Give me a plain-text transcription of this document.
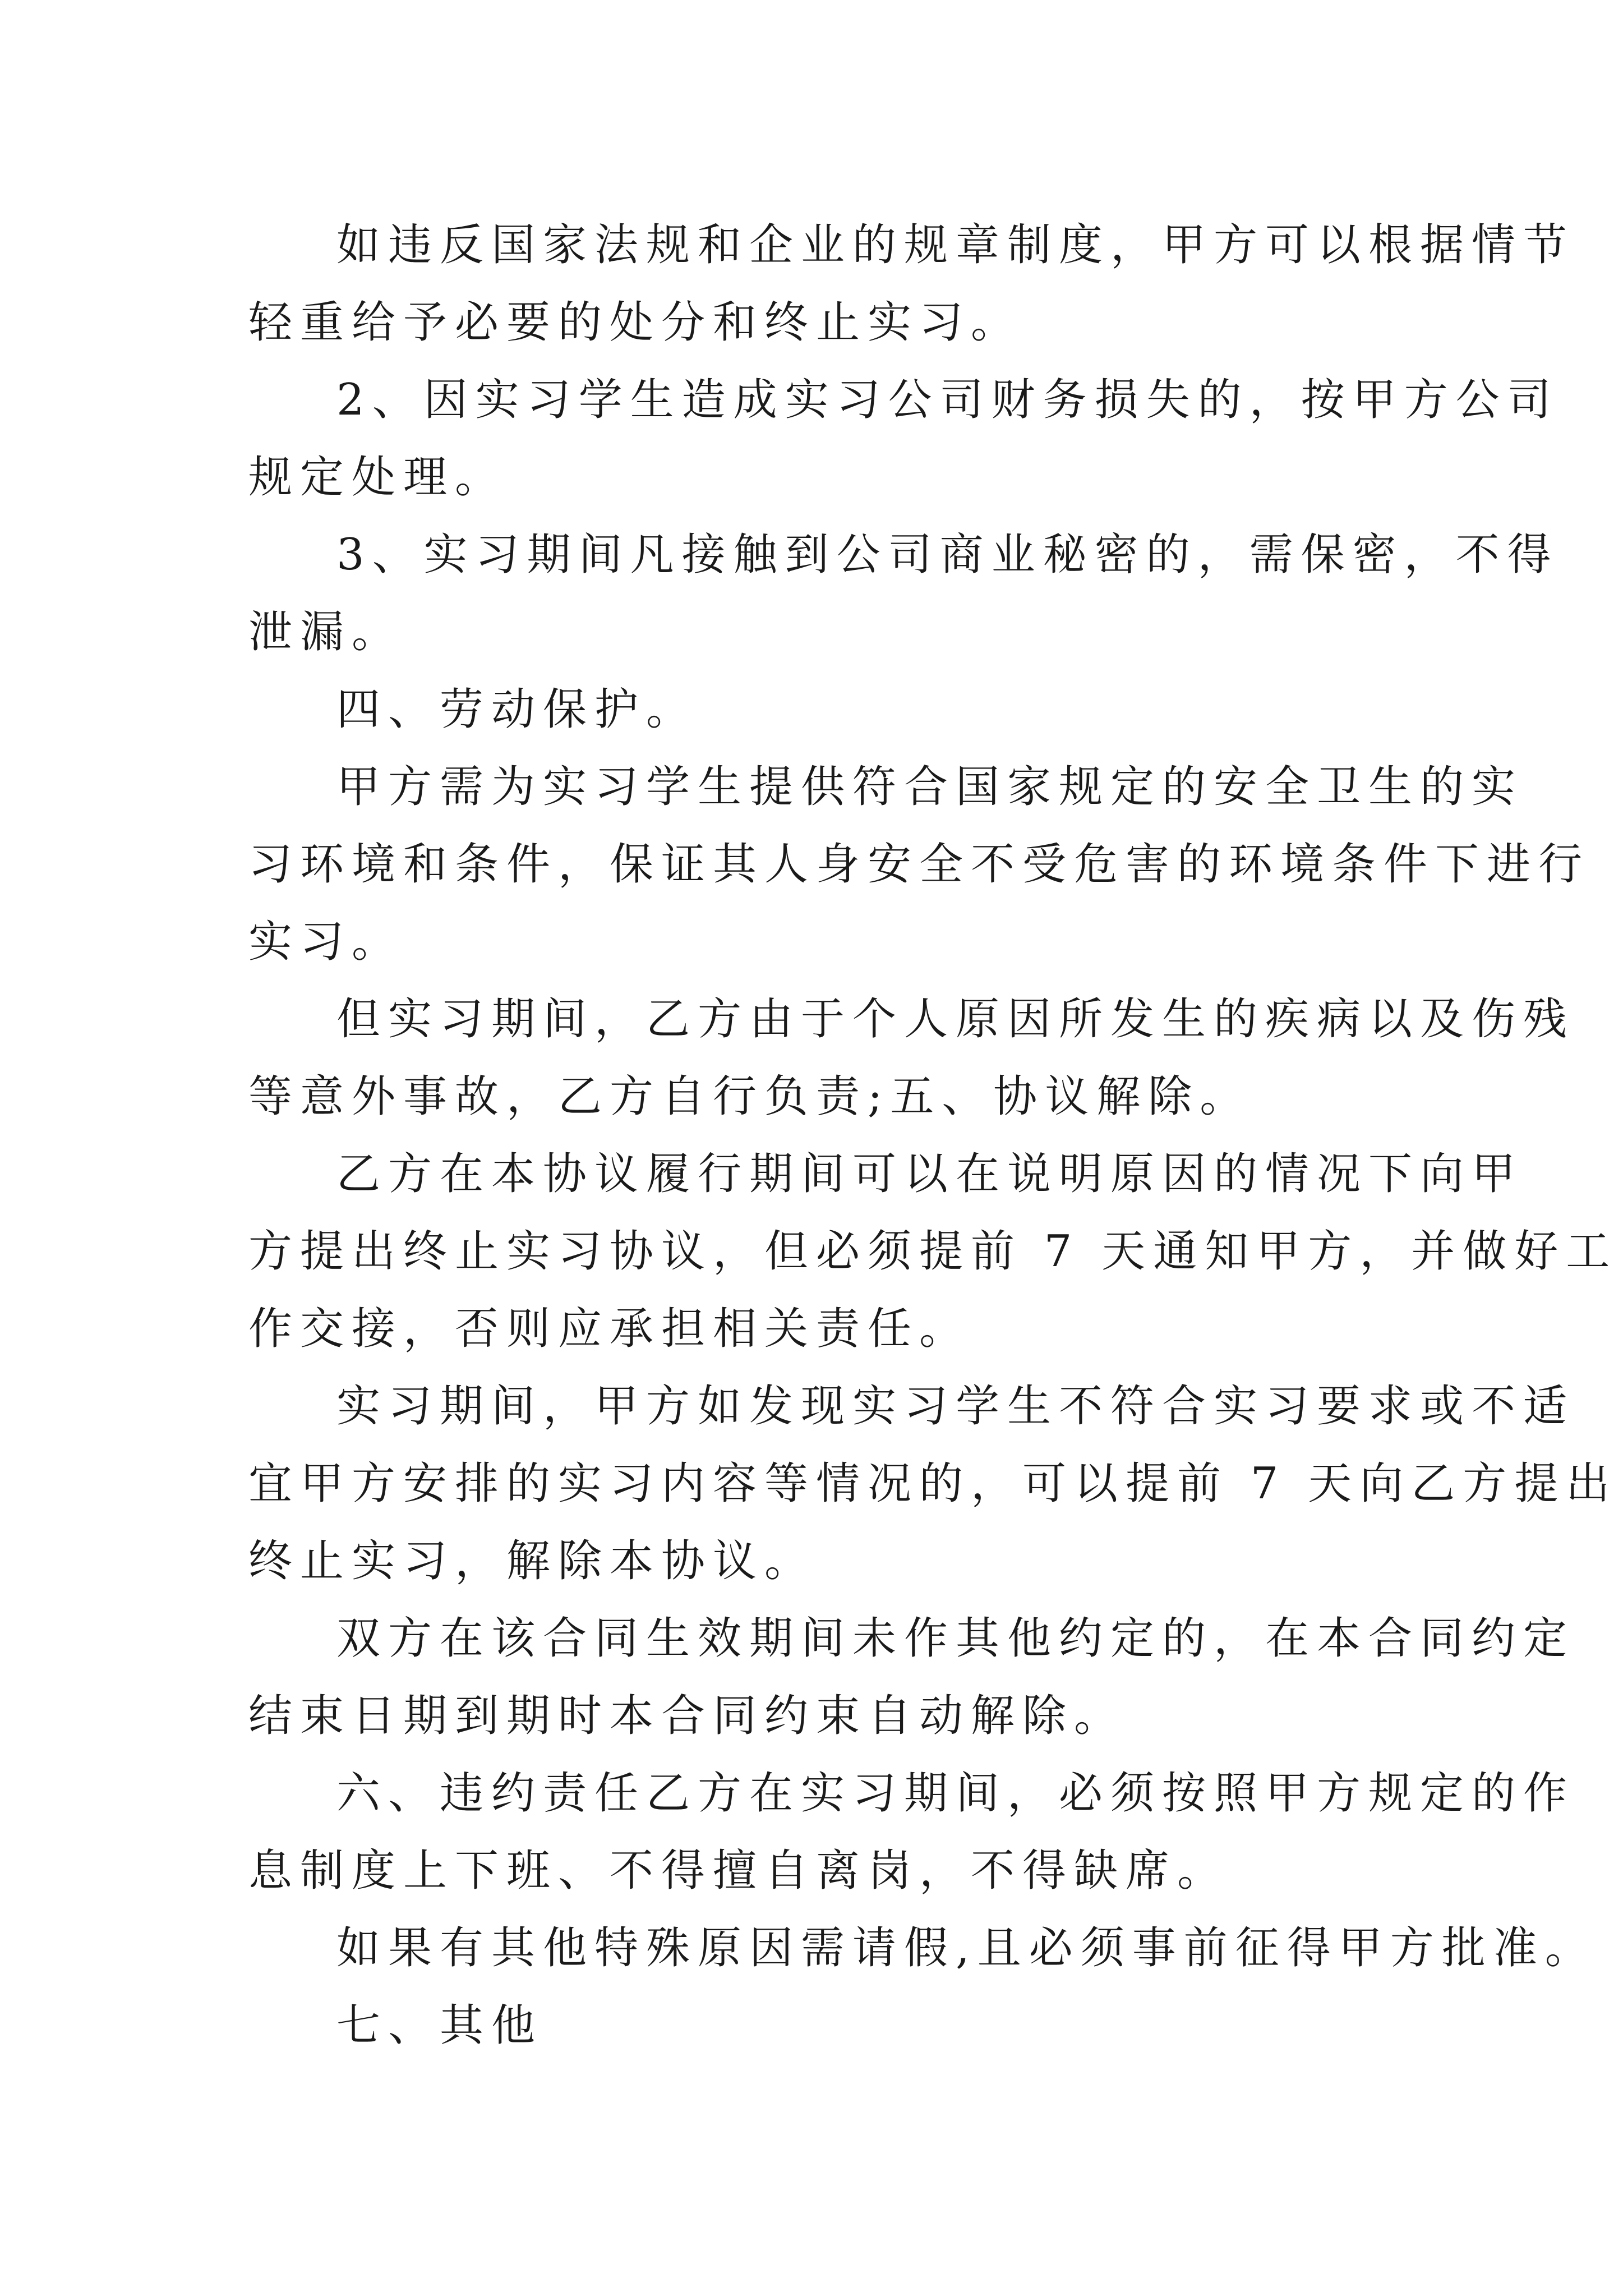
如违反国家法规和企业的规章制度，甲方可以根据情节

轻重给予必要的处分和终止实习。

2、因实习学生造成实习公司财务损失的，按甲方公司

规定处理。

3、实习期间凡接触到公司商业秘密的，需保密，不得

泄漏。

四、劳动保护。

甲方需为实习学生提供符合国家规定的安全卫生的实

习环境和条件，保证其人身安全不受危害的环境条件下进行

实习。

但实习期间，乙方由于个人原因所发生的疾病以及伤残

等意外事故，乙方自行负责;五、协议解除。

乙方在本协议履行期间可以在说明原因的情况下向甲

方提出终止实习协议，但必须提前 7 天通知甲方，并做好工

作交接，否则应承担相关责任。

实习期间，甲方如发现实习学生不符合实习要求或不适

宜甲方安排的实习内容等情况的，可以提前 7 天向乙方提出

终止实习，解除本协议。

双方在该合同生效期间未作其他约定的，在本合同约定

结束日期到期时本合同约束自动解除。

六、违约责任乙方在实习期间，必须按照甲方规定的作

息制度上下班、不得擅自离岗，不得缺席。

如果有其他特殊原因需请假,且必须事前征得甲方批准。

七、其他
